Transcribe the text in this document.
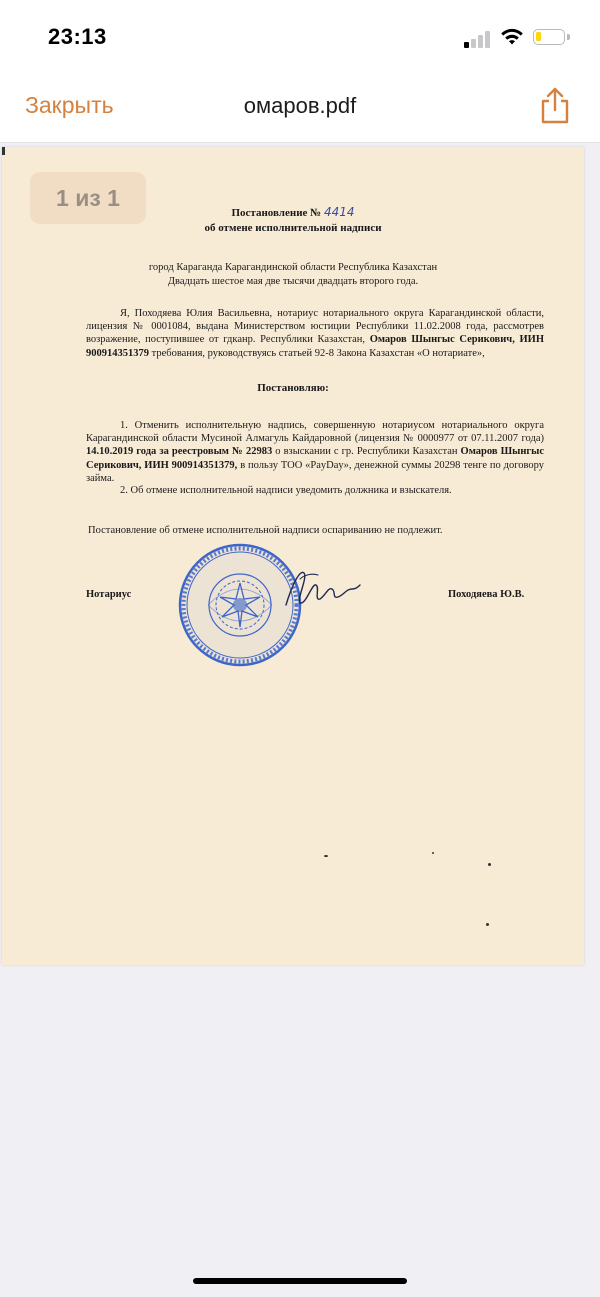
23:13
Закрыть	омаров.pdf
Постановление № 4414
об отмене исполнительной надписи
город Караганда Карагандинской области Республика Казахстан
Двадцать шестое мая две тысячи двадцать второго года.
Я, Походяева Юлия Васильевна, нотариус нотариального округа Карагандинской области, лицензия № 0001084, выдана Министерством юстиции Республики 11.02.2008 года, рассмотрев возражение, поступившее от гдканр. Республики Казахстан, Омаров Шынгыс Серикович, ИИН 900914351379 требования, руководствуясь статьей 92-8 Закона Казахстан «О нотариате»,
Постановляю:
1. Отменить исполнительную надпись, совершенную нотариусом нотариального округа Карагандинской области Мусиной Алмагуль Кайдаровной (лицензия № 0000977 от 07.11.2007 года) 14.10.2019 года за реестровым № 22983 о взыскании с гр. Республики Казахстан Омаров Шынгыс Серикович, ИИН 900914351379, в пользу ТОО «PayDay», денежной суммы 20298 тенге по договору займа.
2. Об отмене исполнительной надписи уведомить должника и взыскателя.
Постановление об отмене исполнительной надписи оспариванию не подлежит.
Нотариус	Походяева Ю.В.
1 из 1
